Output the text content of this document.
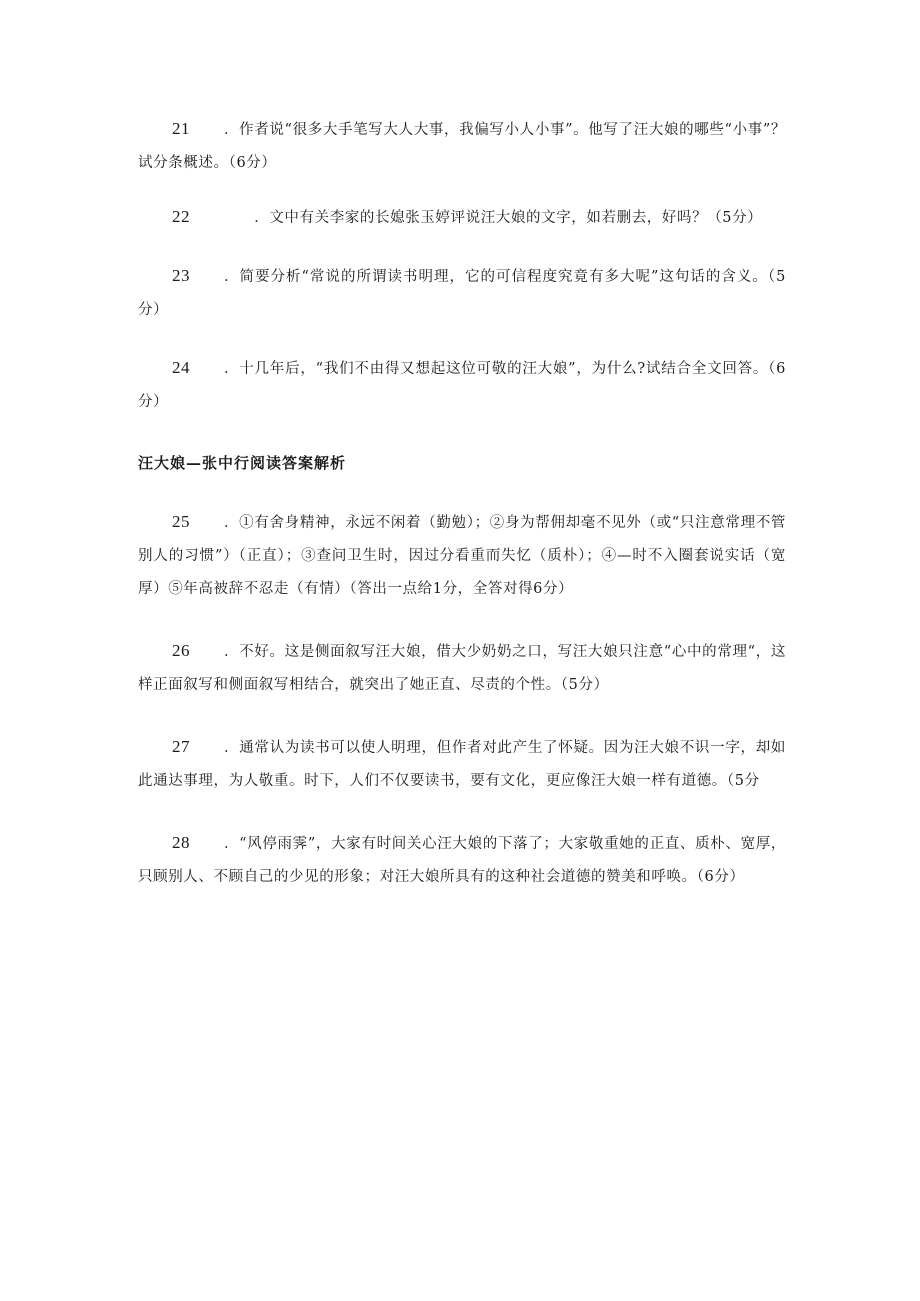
21 ．作者说“很多大手笔写大人大事，我偏写小人小事”。他写了汪大娘的哪些“小事”？试分条概述。（6分）

22　　．文中有关李家的长媳张玉婷评说汪大娘的文字，如若删去，好吗？（5分）

23 ．简要分析“常说的所谓读书明理，它的可信程度究竟有多大呢”这句话的含义。（5分）

24 ．十几年后，“我们不由得又想起这位可敬的汪大娘”，为什么?试结合全文回答。（6分）

汪大娘—张中行阅读答案解析

25 ．①有舍身精神，永远不闲着（勤勉）；②身为帮佣却毫不见外（或“只注意常理不管别人的习惯”）（正直）；③查问卫生时，因过分看重而失忆（质朴）；④—时不入圈套说实话（宽厚）⑤年高被辞不忍走（有情）（答出一点给1分，全答对得6分）

26 ．不好。这是侧面叙写汪大娘，借大少奶奶之口，写汪大娘只注意“心中的常理“，这样正面叙写和侧面叙写相结合，就突出了她正直、尽责的个性。（5分）

27 ．通常认为读书可以使人明理，但作者对此产生了怀疑。因为汪大娘不识一字，却如此通达事理，为人敬重。时下，人们不仅要读书，要有文化，更应像汪大娘一样有道德。（5分

28 ．“风停雨霁”，大家有时间关心汪大娘的下落了；大家敬重她的正直、质朴、宽厚，只顾别人、不顾自己的少见的形象；对汪大娘所具有的这种社会道德的赞美和呼唤。（6分）
